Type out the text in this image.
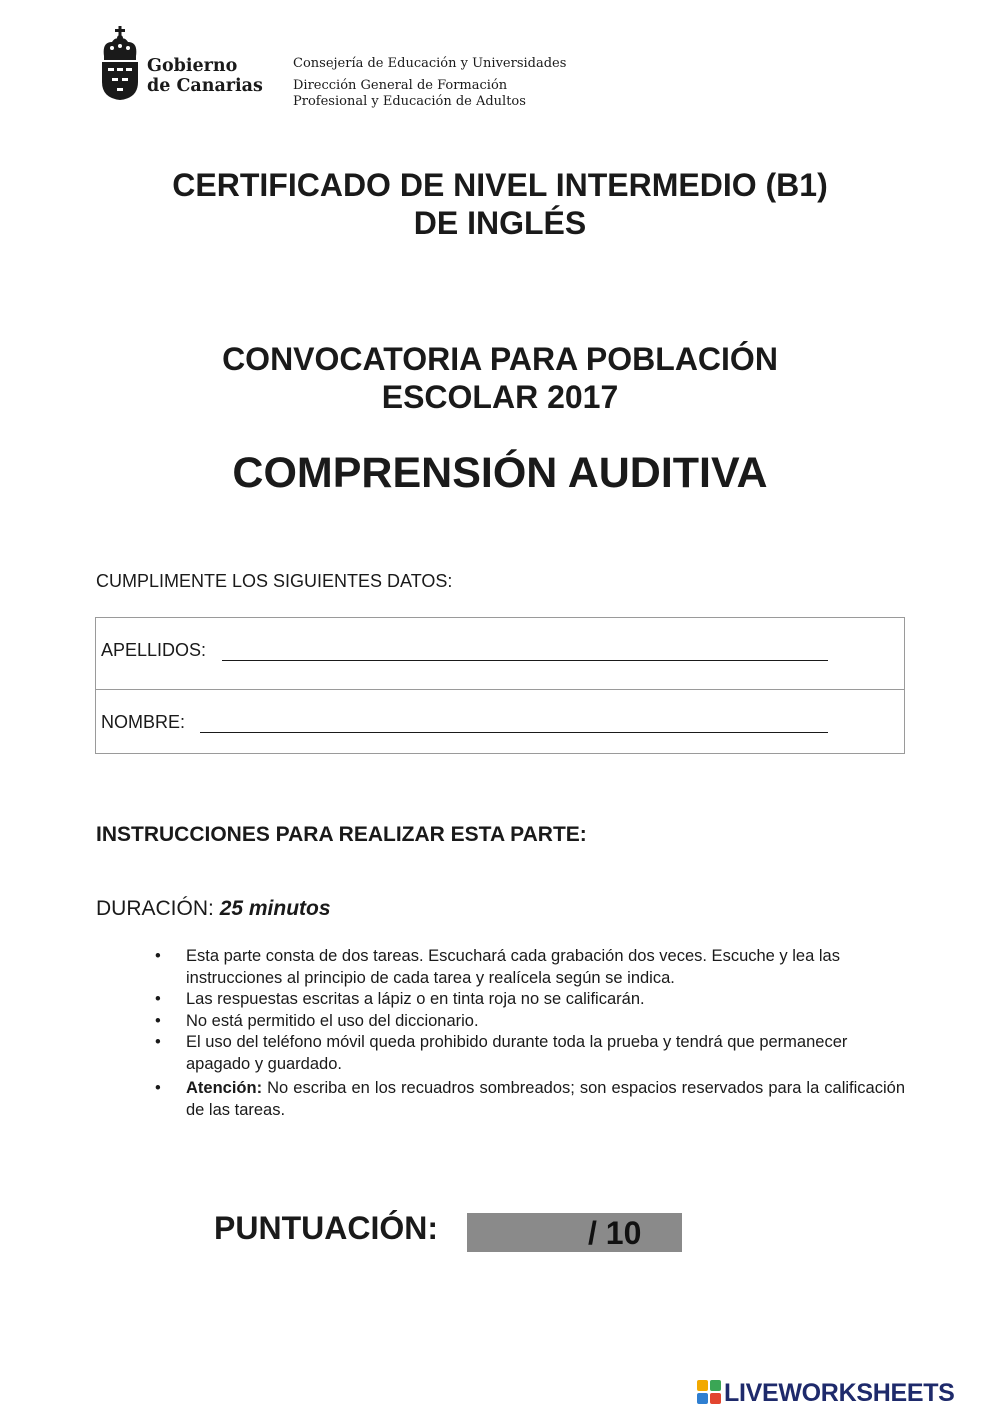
Gobierno
de Canarias
Consejería de Educación y Universidades
Dirección General de Formación
Profesional y Educación de Adultos
CERTIFICADO DE NIVEL INTERMEDIO (B1)
DE INGLÉS
CONVOCATORIA PARA POBLACIÓN
ESCOLAR 2017
COMPRENSIÓN AUDITIVA
CUMPLIMENTE LOS SIGUIENTES DATOS:
APELLIDOS:
NOMBRE:
INSTRUCCIONES PARA REALIZAR ESTA PARTE:
DURACIÓN: 25 minutos
• Esta parte consta de dos tareas. Escuchará cada grabación dos veces. Escuche y lea las instrucciones al principio de cada tarea y realícela según se indica.
• Las respuestas escritas a lápiz o en tinta roja no se calificarán.
• No está permitido el uso del diccionario.
• El uso del teléfono móvil queda prohibido durante toda la prueba y tendrá que permanecer apagado y guardado.
• Atención: No escriba en los recuadros sombreados; son espacios reservados para la calificación de las tareas.
PUNTUACIÓN:	/ 10
LIVEWORKSHEETS
